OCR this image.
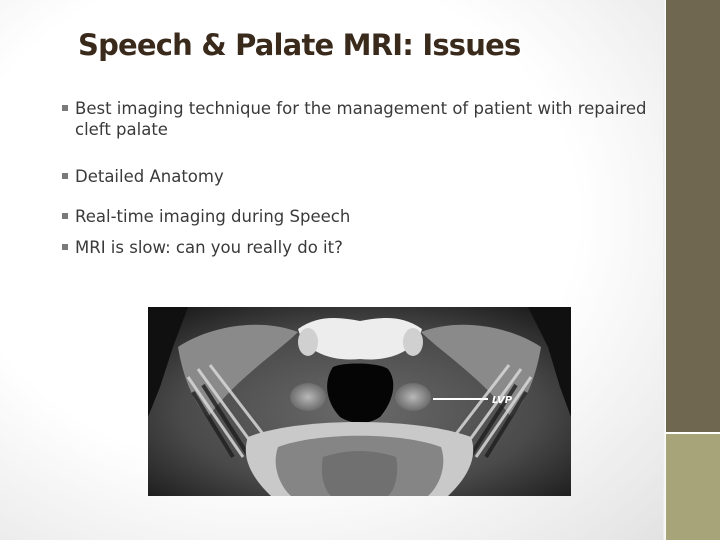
Speech & Palate MRI: Issues
Best imaging technique for the management of patient with repaired
cleft palate
Detailed Anatomy
Real-time imaging during Speech
MRI is slow: can you really do it?
LVP
